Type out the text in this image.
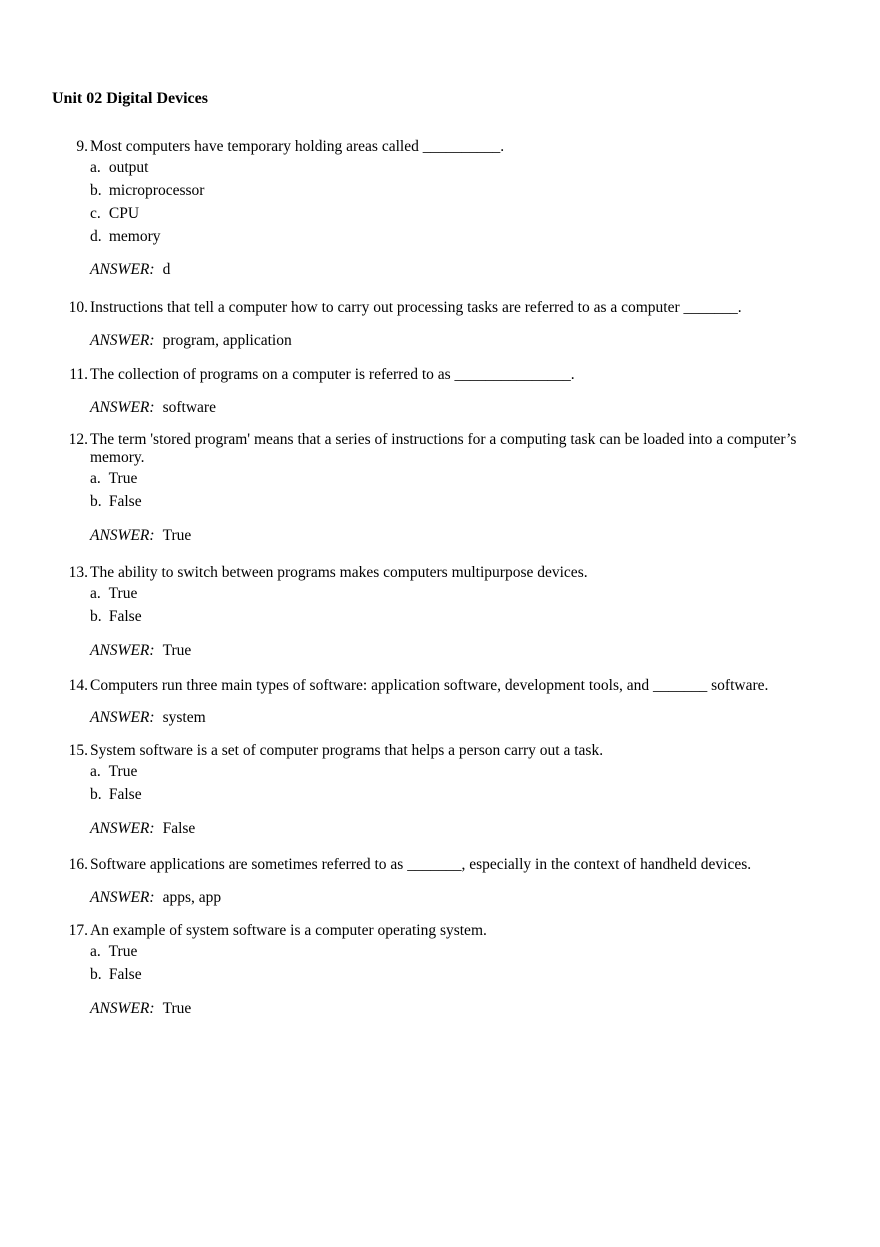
Unit 02 Digital Devices
9. Most computers have temporary holding areas called __________.
a. output
b. microprocessor
c. CPU
d. memory
ANSWER: d
10. Instructions that tell a computer how to carry out processing tasks are referred to as a computer _______.
ANSWER: program, application
11. The collection of programs on a computer is referred to as _______________.
ANSWER: software
12. The term 'stored program' means that a series of instructions for a computing task can be loaded into a computer’s memory.
a. True
b. False
ANSWER: True
13. The ability to switch between programs makes computers multipurpose devices.
a. True
b. False
ANSWER: True
14. Computers run three main types of software: application software, development tools, and _______ software.
ANSWER: system
15. System software is a set of computer programs that helps a person carry out a task.
a. True
b. False
ANSWER: False
16. Software applications are sometimes referred to as _______, especially in the context of handheld devices.
ANSWER: apps, app
17. An example of system software is a computer operating system.
a. True
b. False
ANSWER: True
